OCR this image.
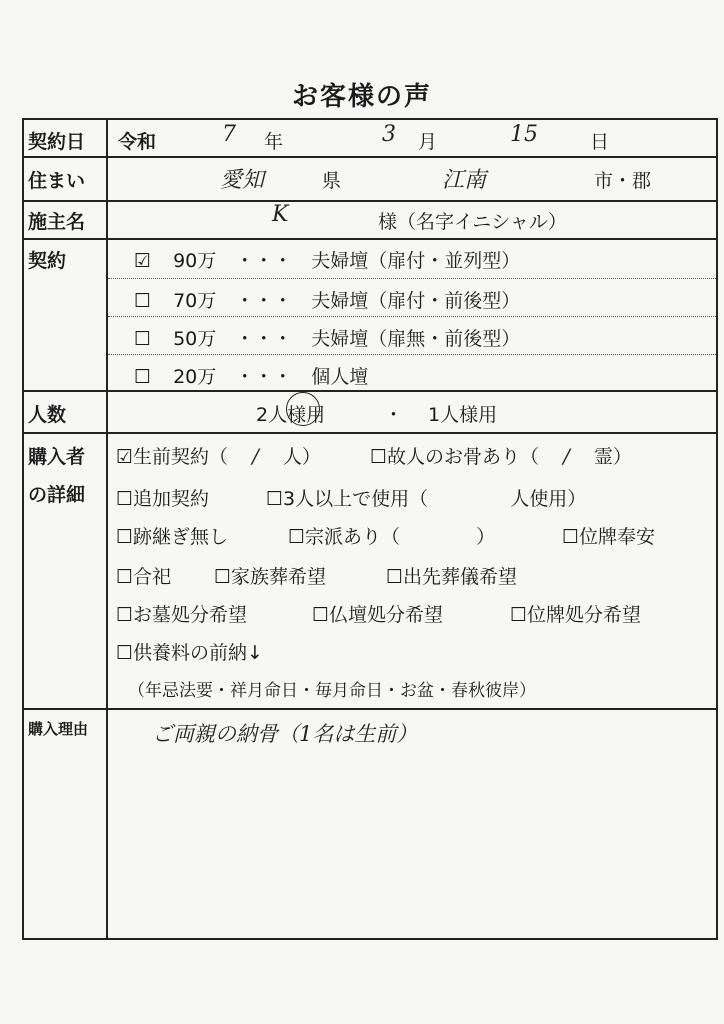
お客様の声
契約日 令和	7 年	3 月	15	日
住まい	愛知	県	江南	市・郡
施主名	K	様（名字イニシャル）
契約	☑ 90万　・・・　夫婦壇（扉付・並列型）
☐ 70万　・・・　夫婦壇（扉付・前後型）
☐ 50万　・・・　夫婦壇（扉無・前後型）
☐ 20万　・・・　個人壇
人数	2人様用	・ 1人様用
購入者
の詳細
☑生前契約（ / 人）	☐故人のお骨あり（ / 霊）
☐追加契約	☐3人以上で使用（	人使用）
☐跡継ぎ無し	☐宗派あり（	）	☐位牌奉安
☐合祀 ☐家族葬希望	☐出先葬儀希望
☐お墓処分希望	☐仏壇処分希望	☐位牌処分希望
☐供養料の前納↓
（年忌法要・祥月命日・毎月命日・お盆・春秋彼岸）
購入理由	ご両親の納骨（1名は生前）
